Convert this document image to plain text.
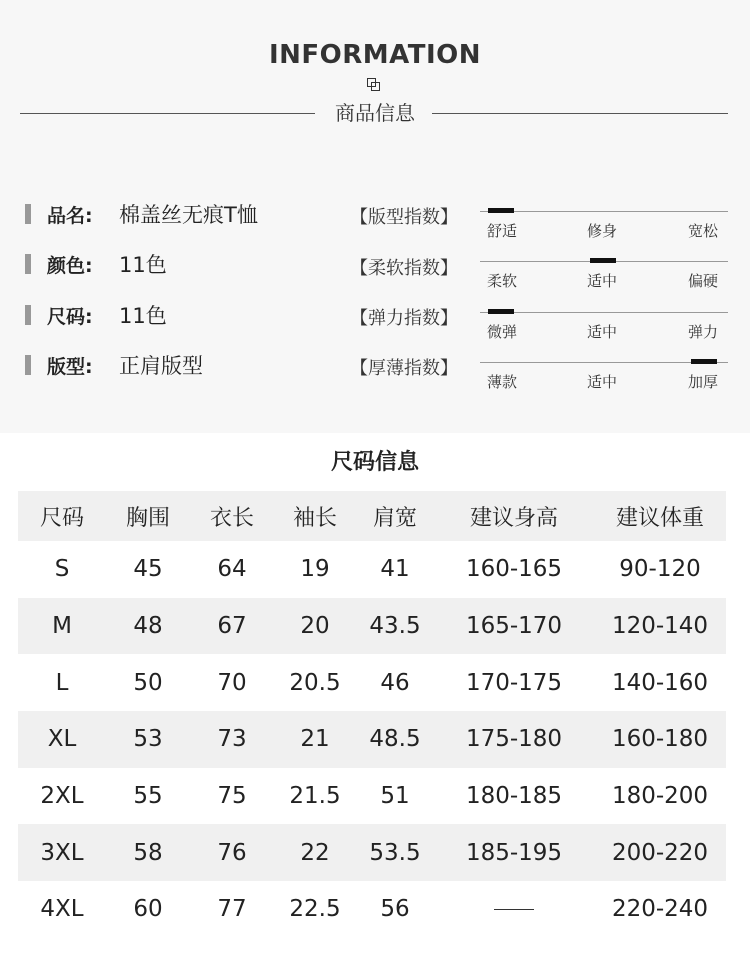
INFORMATION
商品信息
品名:	棉盖丝无痕T恤
颜色:	11色
尺码:	11色
版型:	正肩版型
【版型指数】
舒适	修身	宽松
【柔软指数】
柔软	适中	偏硬
【弹力指数】
微弹	适中	弹力
【厚薄指数】
薄款	适中	加厚
尺码信息
尺码	胸围	衣长	袖长	肩宽	建议身高	建议体重
S	45	64	19	41	160-165	90-120
M	48	67	20	43.5	165-170	120-140
L	50	70	20.5	46	170-175	140-160
XL	53	73	21	48.5	175-180	160-180
2XL	55	75	21.5	51	180-185	180-200
3XL	58	76	22	53.5	185-195	200-220
4XL	60	77	22.5	56		220-240
